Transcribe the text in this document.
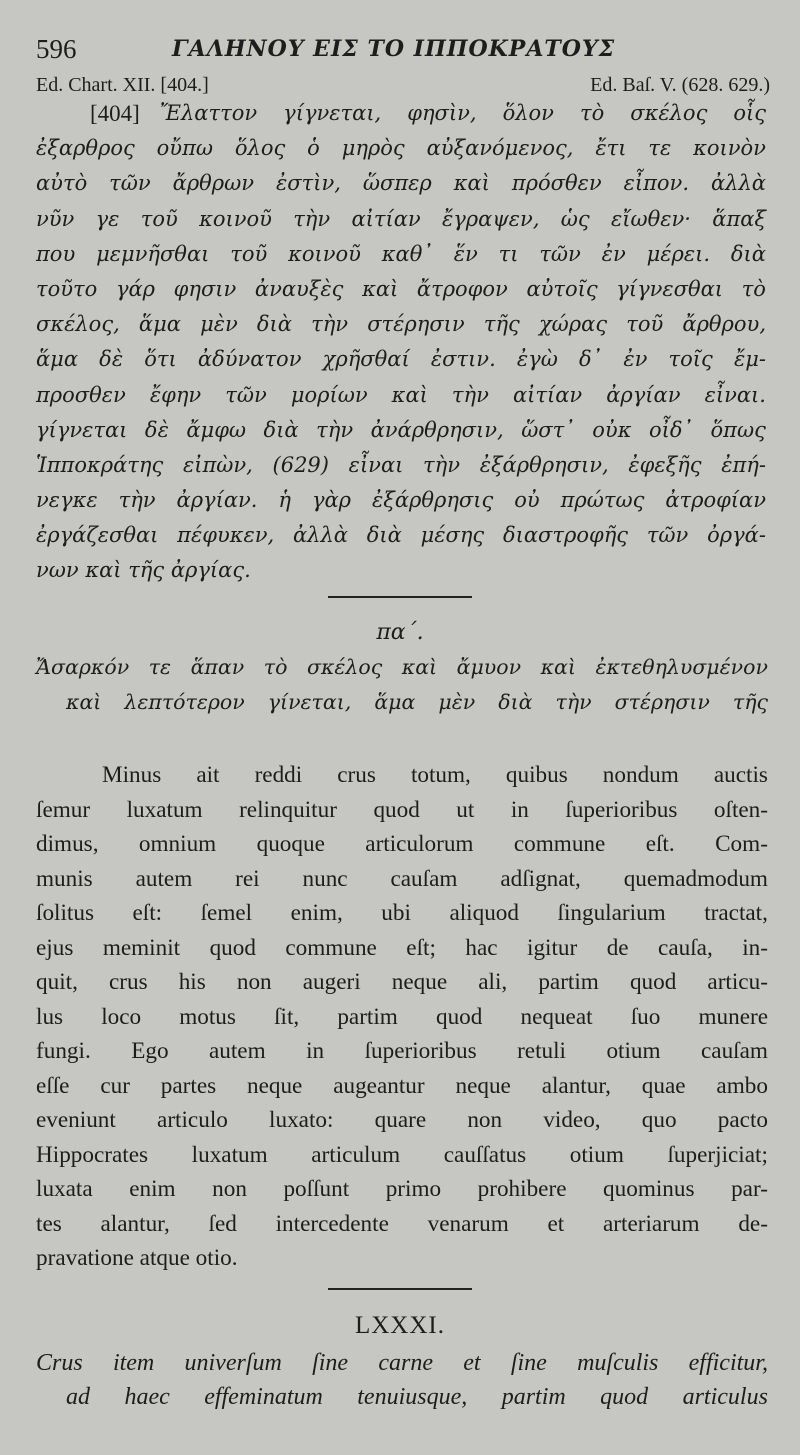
596	ΓΑΛΗΝΟΥ ΕΙΣ ΤΟ ΙΠΠΟΚΡΑΤΟΥΣ
Ed. Chart. XII. [404.]	Ed. Baſ. V. (628. 629.)
[404] Ἔλαττον γίγνεται, φησὶν, ὅλον τὸ σκέλος οἷς
ἐξαρθρος οὔπω ὅλος ὁ μηρὸς αὐξανόμενος, ἔτι τε κοινὸν
αὐτὸ τῶν ἄρθρων ἐστὶν, ὥσπερ καὶ πρόσθεν εἶπον. ἀλλὰ
νῦν γε τοῦ κοινοῦ τὴν αἰτίαν ἔγραψεν, ὡς εἴωθεν· ἅπαξ
που μεμνῆσθαι τοῦ κοινοῦ καθ᾽ ἕν τι τῶν ἐν μέρει. διὰ
τοῦτο γάρ φησιν ἀναυξὲς καὶ ἄτροφον αὐτοῖς γίγνεσθαι τὸ
σκέλος, ἅμα μὲν διὰ τὴν στέρησιν τῆς χώρας τοῦ ἄρθρου,
ἅμα δὲ ὅτι ἀδύνατον χρῆσθαί ἐστιν. ἐγὼ δ᾽ ἐν τοῖς ἔμ-
προσθεν ἔφην τῶν μορίων καὶ τὴν αἰτίαν ἀργίαν εἶναι.
γίγνεται δὲ ἄμφω διὰ τὴν ἀνάρθρησιν, ὥστ᾽ οὐκ οἶδ᾽ ὅπως
Ἱπποκράτης εἰπὼν, (629) εἶναι τὴν ἐξάρθρησιν, ἐφεξῆς ἐπή-
νεγκε τὴν ἀργίαν. ἡ γὰρ ἐξάρθρησις οὐ πρώτως ἀτροφίαν
ἐργάζεσθαι πέφυκεν, ἀλλὰ διὰ μέσης διαστροφῆς τῶν ὀργά-
νων καὶ τῆς ἀργίας.
πα΄.
Ἄσαρκόν τε ἅπαν τὸ σκέλος καὶ ἄμυον καὶ ἐκτεθηλυσμένον
καὶ λεπτότερον γίνεται, ἅμα μὲν διὰ τὴν στέρησιν τῆς
Minus ait reddi crus totum, quibus nondum auctis
ſemur luxatum relinquitur quod ut in ſuperioribus oſten-
dimus, omnium quoque articulorum commune eſt. Com-
munis autem rei nunc cauſam adſignat, quemadmodum
ſolitus eſt: ſemel enim, ubi aliquod ſingularium tractat,
ejus meminit quod commune eſt; hac igitur de cauſa, in-
quit, crus his non augeri neque ali, partim quod articu-
lus loco motus ſit, partim quod nequeat ſuo munere
fungi. Ego autem in ſuperioribus retuli otium cauſam
eſſe cur partes neque augeantur neque alantur, quae ambo
eveniunt articulo luxato: quare non video, quo pacto
Hippocrates luxatum articulum cauſſatus otium ſuperjiciat;
luxata enim non poſſunt primo prohibere quominus par-
tes alantur, ſed intercedente venarum et arteriarum de-
pravatione atque otio.
LXXXI.
Crus item univerſum ſine carne et ſine muſculis efficitur,
ad haec effeminatum tenuiusque, partim quod articulus
